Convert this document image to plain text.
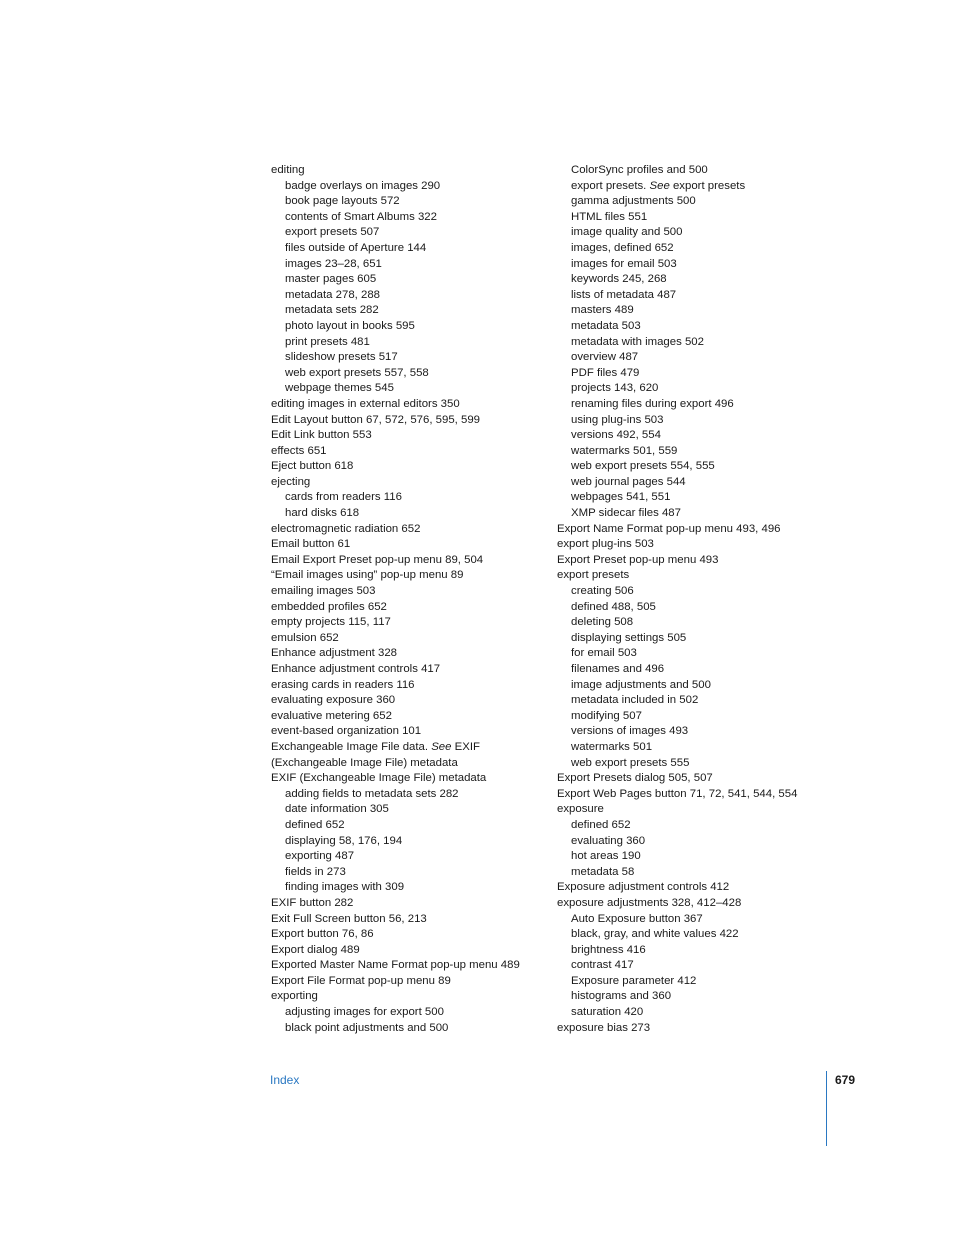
editing
badge overlays on images 290
book page layouts 572
contents of Smart Albums 322
export presets 507
files outside of Aperture 144
images 23–28, 651
master pages 605
metadata 278, 288
metadata sets 282
photo layout in books 595
print presets 481
slideshow presets 517
web export presets 557, 558
webpage themes 545
editing images in external editors 350
Edit Layout button 67, 572, 576, 595, 599
Edit Link button 553
effects 651
Eject button 618
ejecting
cards from readers 116
hard disks 618
electromagnetic radiation 652
Email button 61
Email Export Preset pop-up menu 89, 504
“Email images using” pop-up menu 89
emailing images 503
embedded profiles 652
empty projects 115, 117
emulsion 652
Enhance adjustment 328
Enhance adjustment controls 417
erasing cards in readers 116
evaluating exposure 360
evaluative metering 652
event-based organization 101
Exchangeable Image File data. See EXIF
(Exchangeable Image File) metadata
EXIF (Exchangeable Image File) metadata
adding fields to metadata sets 282
date information 305
defined 652
displaying 58, 176, 194
exporting 487
fields in 273
finding images with 309
EXIF button 282
Exit Full Screen button 56, 213
Export button 76, 86
Export dialog 489
Exported Master Name Format pop-up menu 489
Export File Format pop-up menu 89
exporting
adjusting images for export 500
black point adjustments and 500
ColorSync profiles and 500
export presets. See export presets
gamma adjustments 500
HTML files 551
image quality and 500
images, defined 652
images for email 503
keywords 245, 268
lists of metadata 487
masters 489
metadata 503
metadata with images 502
overview 487
PDF files 479
projects 143, 620
renaming files during export 496
using plug-ins 503
versions 492, 554
watermarks 501, 559
web export presets 554, 555
web journal pages 544
webpages 541, 551
XMP sidecar files 487
Export Name Format pop-up menu 493, 496
export plug-ins 503
Export Preset pop-up menu 493
export presets
creating 506
defined 488, 505
deleting 508
displaying settings 505
for email 503
filenames and 496
image adjustments and 500
metadata included in 502
modifying 507
versions of images 493
watermarks 501
web export presets 555
Export Presets dialog 505, 507
Export Web Pages button 71, 72, 541, 544, 554
exposure
defined 652
evaluating 360
hot areas 190
metadata 58
Exposure adjustment controls 412
exposure adjustments 328, 412–428
Auto Exposure button 367
black, gray, and white values 422
brightness 416
contrast 417
Exposure parameter 412
histograms and 360
saturation 420
exposure bias 273
Index	679
